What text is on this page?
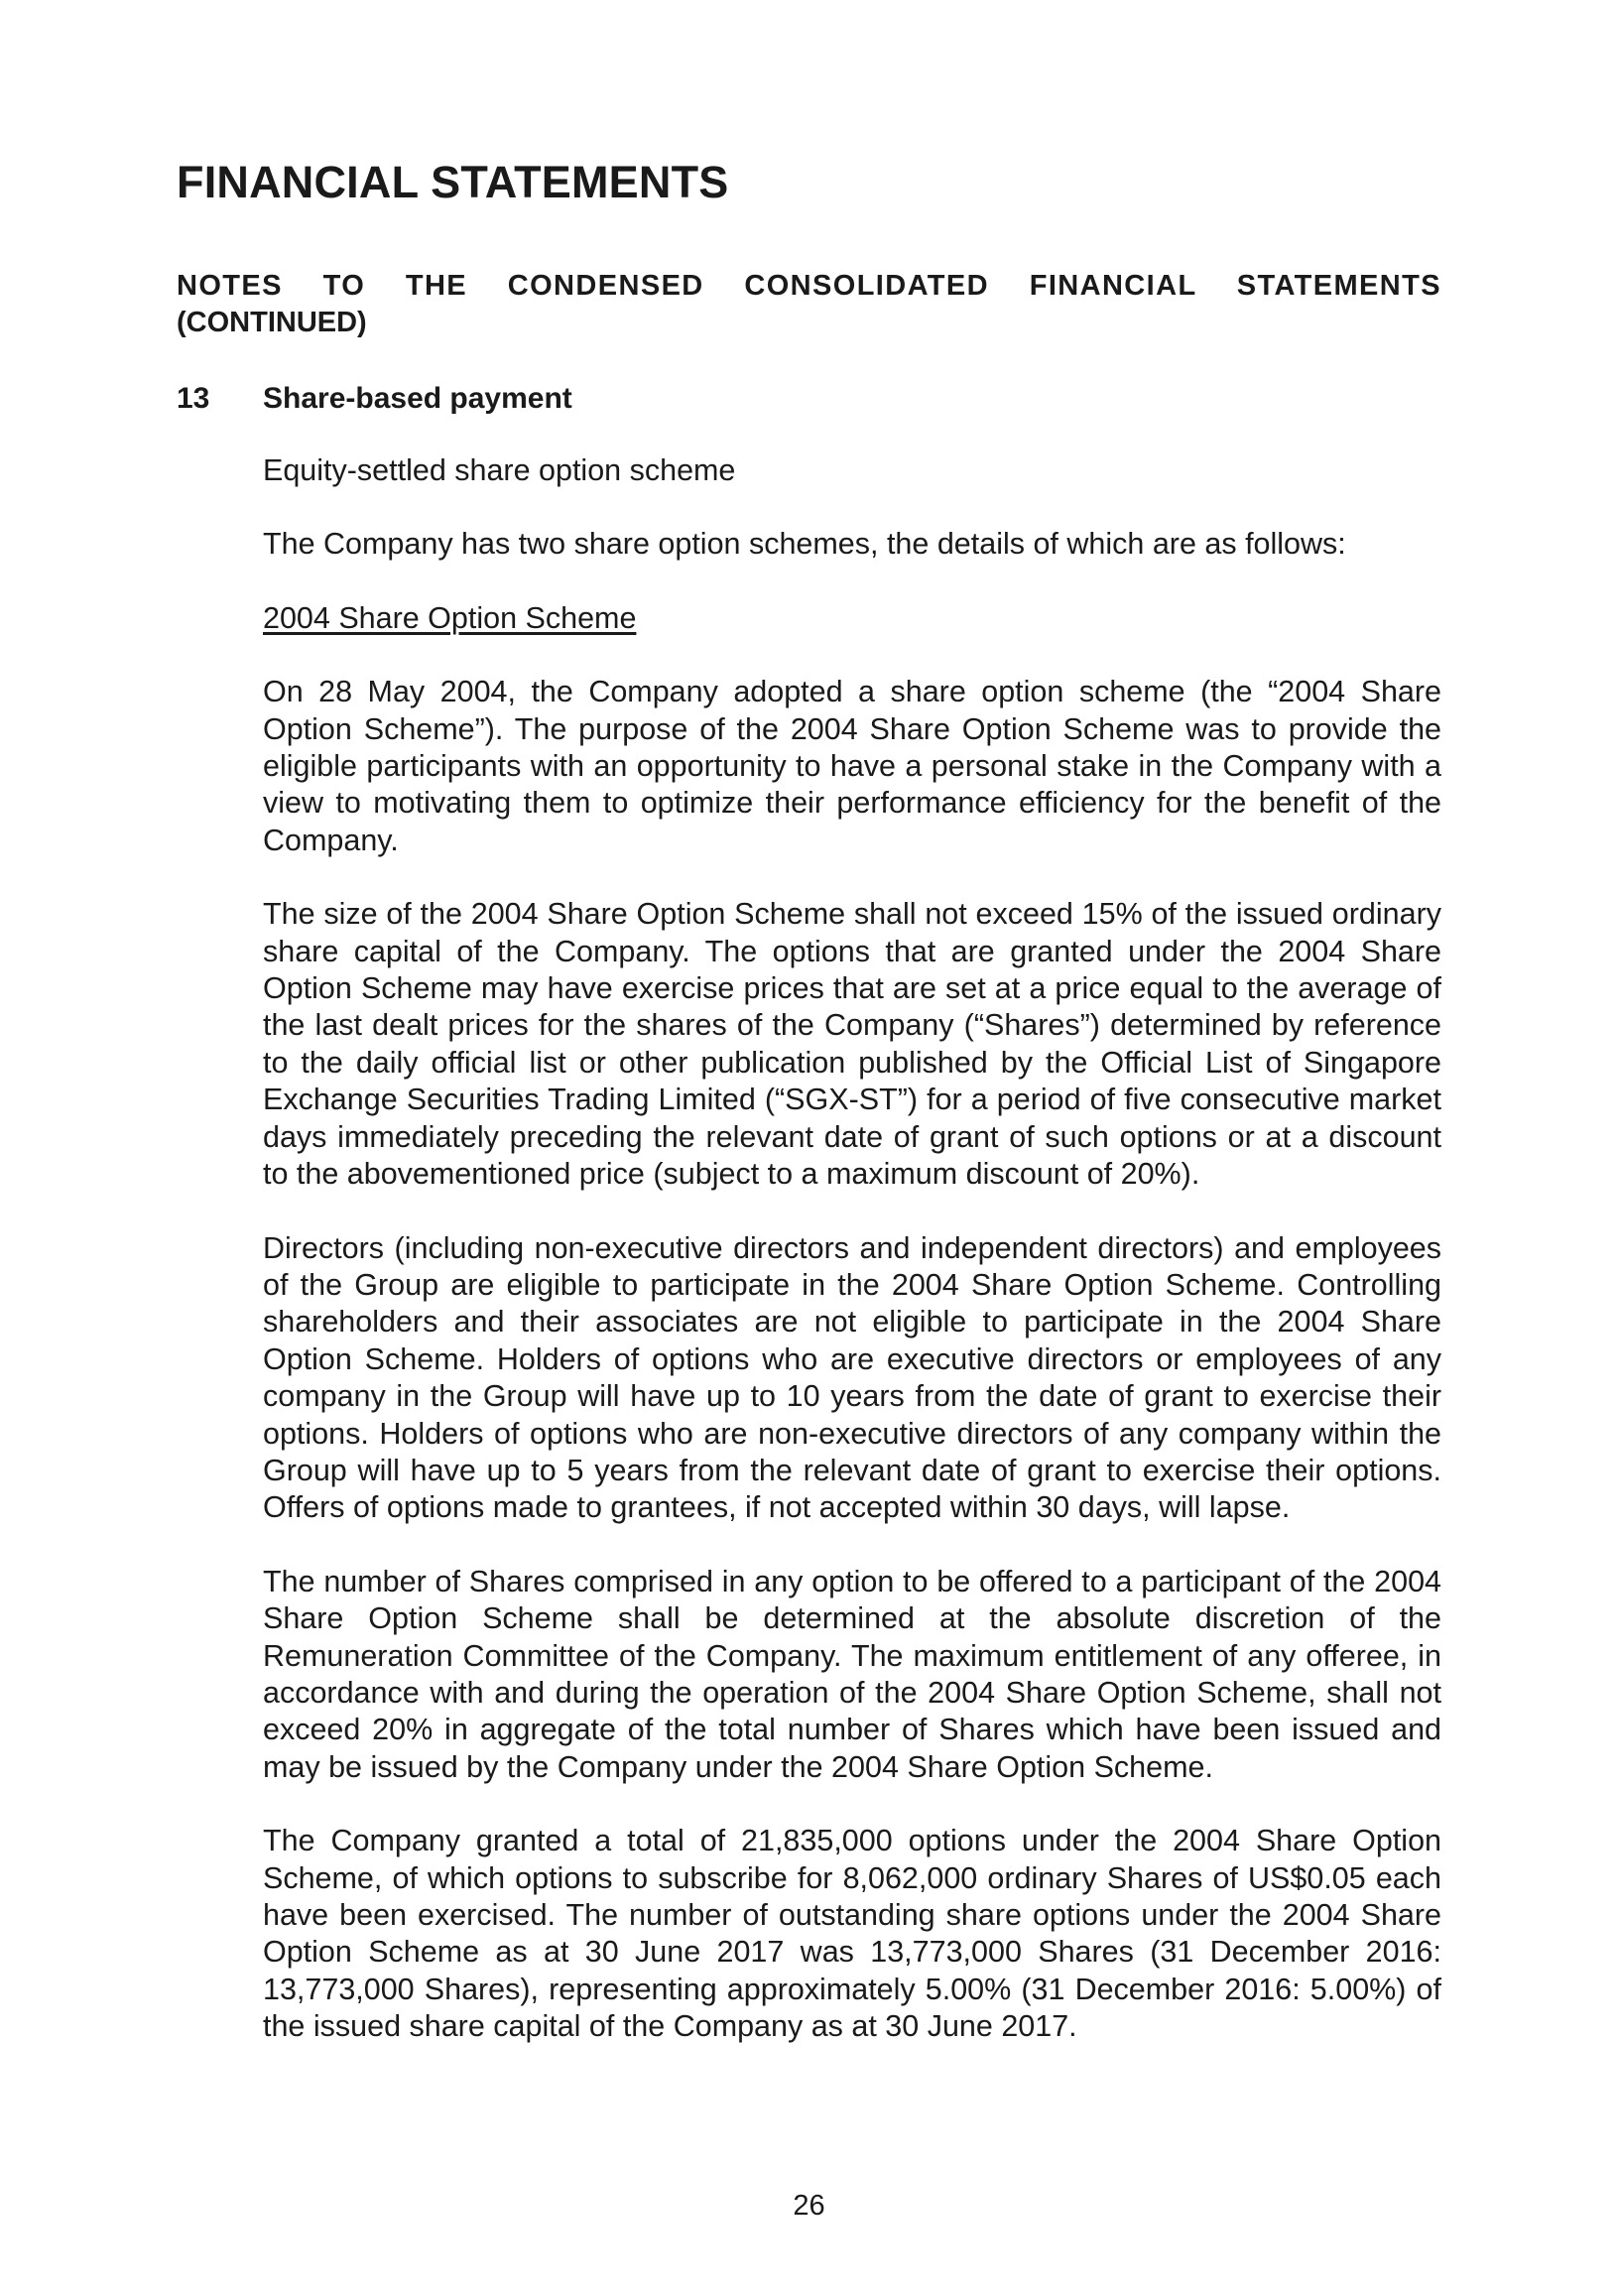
FINANCIAL STATEMENTS
NOTES TO THE CONDENSED CONSOLIDATED FINANCIAL STATEMENTS
(CONTINUED)
13 Share-based payment

Equity-settled share option scheme

The Company has two share option schemes, the details of which are as follows:

2004 Share Option Scheme

On 28 May 2004, the Company adopted a share option scheme (the “2004 Share Option Scheme”). The purpose of the 2004 Share Option Scheme was to provide the eligible participants with an opportunity to have a personal stake in the Company with a view to motivating them to optimize their performance efficiency for the benefit of the Company.

The size of the 2004 Share Option Scheme shall not exceed 15% of the issued ordinary share capital of the Company. The options that are granted under the 2004 Share Option Scheme may have exercise prices that are set at a price equal to the average of the last dealt prices for the shares of the Company (“Shares”) determined by reference to the daily official list or other publication published by the Official List of Singapore Exchange Securities Trading Limited (“SGX-ST”) for a period of five consecutive market days immediately preceding the relevant date of grant of such options or at a discount to the abovementioned price (subject to a maximum discount of 20%).

Directors (including non-executive directors and independent directors) and employees of the Group are eligible to participate in the 2004 Share Option Scheme. Controlling shareholders and their associates are not eligible to participate in the 2004 Share Option Scheme. Holders of options who are executive directors or employees of any company in the Group will have up to 10 years from the date of grant to exercise their options. Holders of options who are non-executive directors of any company within the Group will have up to 5 years from the relevant date of grant to exercise their options. Offers of options made to grantees, if not accepted within 30 days, will lapse.

The number of Shares comprised in any option to be offered to a participant of the 2004 Share Option Scheme shall be determined at the absolute discretion of the Remuneration Committee of the Company. The maximum entitlement of any offeree, in accordance with and during the operation of the 2004 Share Option Scheme, shall not exceed 20% in aggregate of the total number of Shares which have been issued and may be issued by the Company under the 2004 Share Option Scheme.

The Company granted a total of 21,835,000 options under the 2004 Share Option Scheme, of which options to subscribe for 8,062,000 ordinary Shares of US$0.05 each have been exercised. The number of outstanding share options under the 2004 Share Option Scheme as at 30 June 2017 was 13,773,000 Shares (31 December 2016: 13,773,000 Shares), representing approximately 5.00% (31 December 2016: 5.00%) of the issued share capital of the Company as at 30 June 2017.

26
